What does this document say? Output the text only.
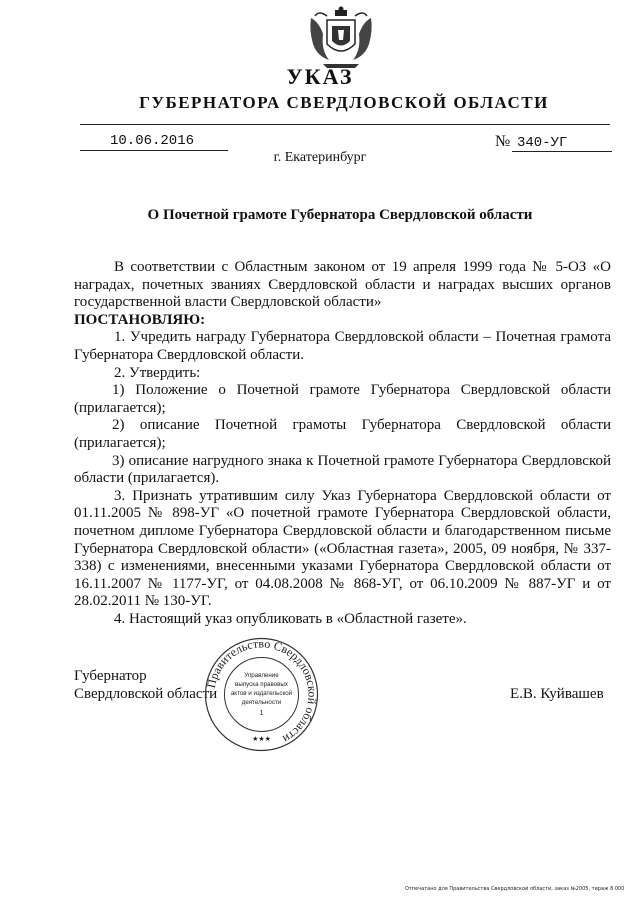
УКАЗ
ГУБЕРНАТОРА СВЕРДЛОВСКОЙ ОБЛАСТИ
10.06.2016	№ 340-УГ
г. Екатеринбург
О Почетной грамоте Губернатора Свердловской области

В соответствии с Областным законом от 19 апреля 1999 года № 5-ОЗ «О наградах, почетных званиях Свердловской области и наградах высших органов государственной власти Свердловской области»

ПОСТАНОВЛЯЮ:

1. Учредить награду Губернатора Свердловской области – Почетная грамота Губернатора Свердловской области.

2. Утвердить:

1) Положение о Почетной грамоте Губернатора Свердловской области (прилагается);

2) описание Почетной грамоты Губернатора Свердловской области (прилагается);

3) описание нагрудного знака к Почетной грамоте Губернатора Свердловской области (прилагается).

3. Признать утратившим силу Указ Губернатора Свердловской области от 01.11.2005 № 898-УГ «О почетной грамоте Губернатора Свердловской области, почетном дипломе Губернатора Свердловской области и благодарственном письме Губернатора Свердловской области» («Областная газета», 2005, 09 ноября, № 337-338) с изменениями, внесенными указами Губернатора Свердловской области от 16.11.2007 № 1177-УГ, от 04.08.2008 № 868-УГ, от 06.10.2009 № 887-УГ и от 28.02.2011 № 130-УГ.

4. Настоящий указ опубликовать в «Областной газете».

Губернатор
Свердловской области	Е.В. Куйвашев
Правительство Свердловской области
Управление
выпуска правовых
актов и издательской
деятельности
1
★★★
Отпечатано для Правительства Свердловской области, заказ №2005, тираж 8 000
